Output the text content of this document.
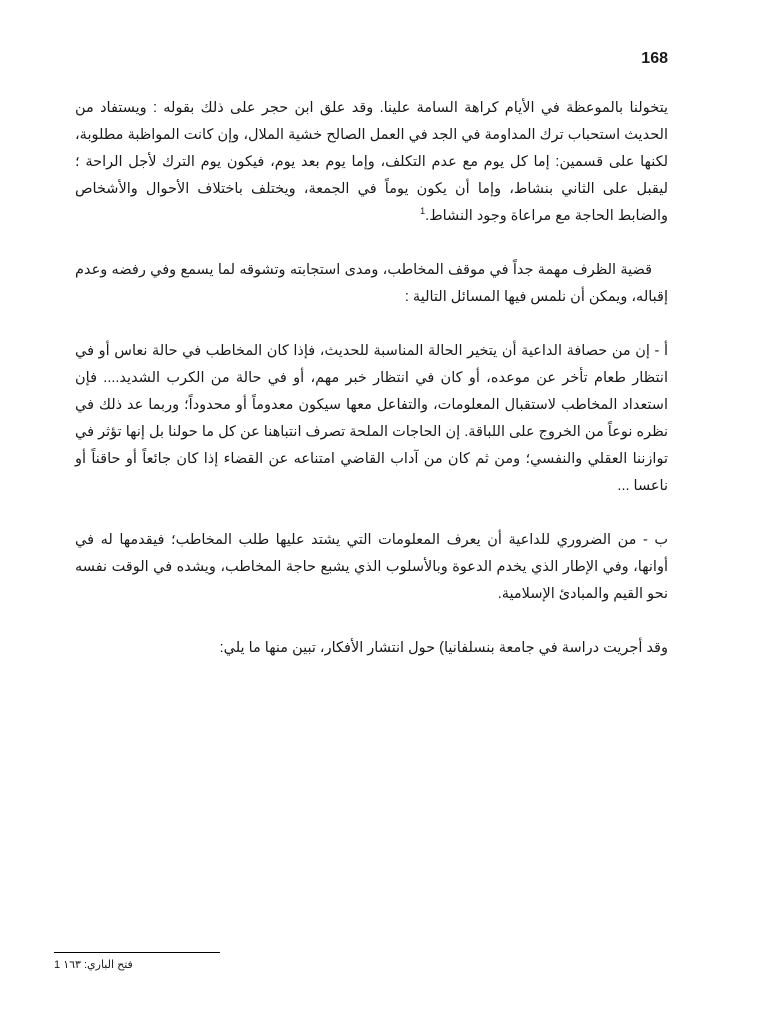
168

يتخولنا بالموعظة في الأيام كراهة السامة علينا. وقد علق ابن حجر على ذلك بقوله : ويستفاد من الحديث استحباب ترك المداومة في الجد في العمل الصالح خشية الملال، وإن كانت المواظبة مطلوبة، لكنها على قسمين: إما كل يوم مع عدم التكلف، وإما يوم بعد يوم، فيكون يوم الترك لأجل الراحة ؛ ليقبل على الثاني بنشاط، وإما أن يكون يوماً في الجمعة، ويختلف باختلاف الأحوال والأشخاص والضابط الحاجة مع مراعاة وجود النشاط.$^1$

قضية الظرف مهمة جداً في موقف المخاطب، ومدى استجابته وتشوقه لما يسمع وفي رفضه وعدم إقباله، ويمكن أن نلمس فيها المسائل التالية :

أ - إن من حصافة الداعية أن يتخير الحالة المناسبة للحديث، فإذا كان المخاطب في حالة نعاس أو في انتظار طعام تأخر عن موعده، أو كان في انتظار خبر مهم، أو في حالة من الكرب الشديد.... فإن استعداد المخاطب لاستقبال المعلومات، والتفاعل معها سيكون معدوماً أو محدوداً؛ وربما عد ذلك في نظره نوعاً من الخروج على اللباقة. إن الحاجات الملحة تصرف انتباهنا عن كل ما حولنا بل إنها تؤثر في توازننا العقلي والنفسي؛ ومن ثم كان من آداب القاضي امتناعه عن القضاء إذا كان جائعاً أو حاقناً أو ناعسا ...

ب - من الضروري للداعية أن يعرف المعلومات التي يشتد عليها طلب المخاطب؛ فيقدمها له في أوانها، وفي الإطار الذي يخدم الدعوة وبالأسلوب الذي يشبع حاجة المخاطب، ويشده في الوقت نفسه نحو القيم والمبادئ الإسلامية.

وقد أجريت دراسة في جامعة بنسلفانيا) حول انتشار الأفكار، تبين منها ما يلي:

فتح الباري: ١٦٣ 1
